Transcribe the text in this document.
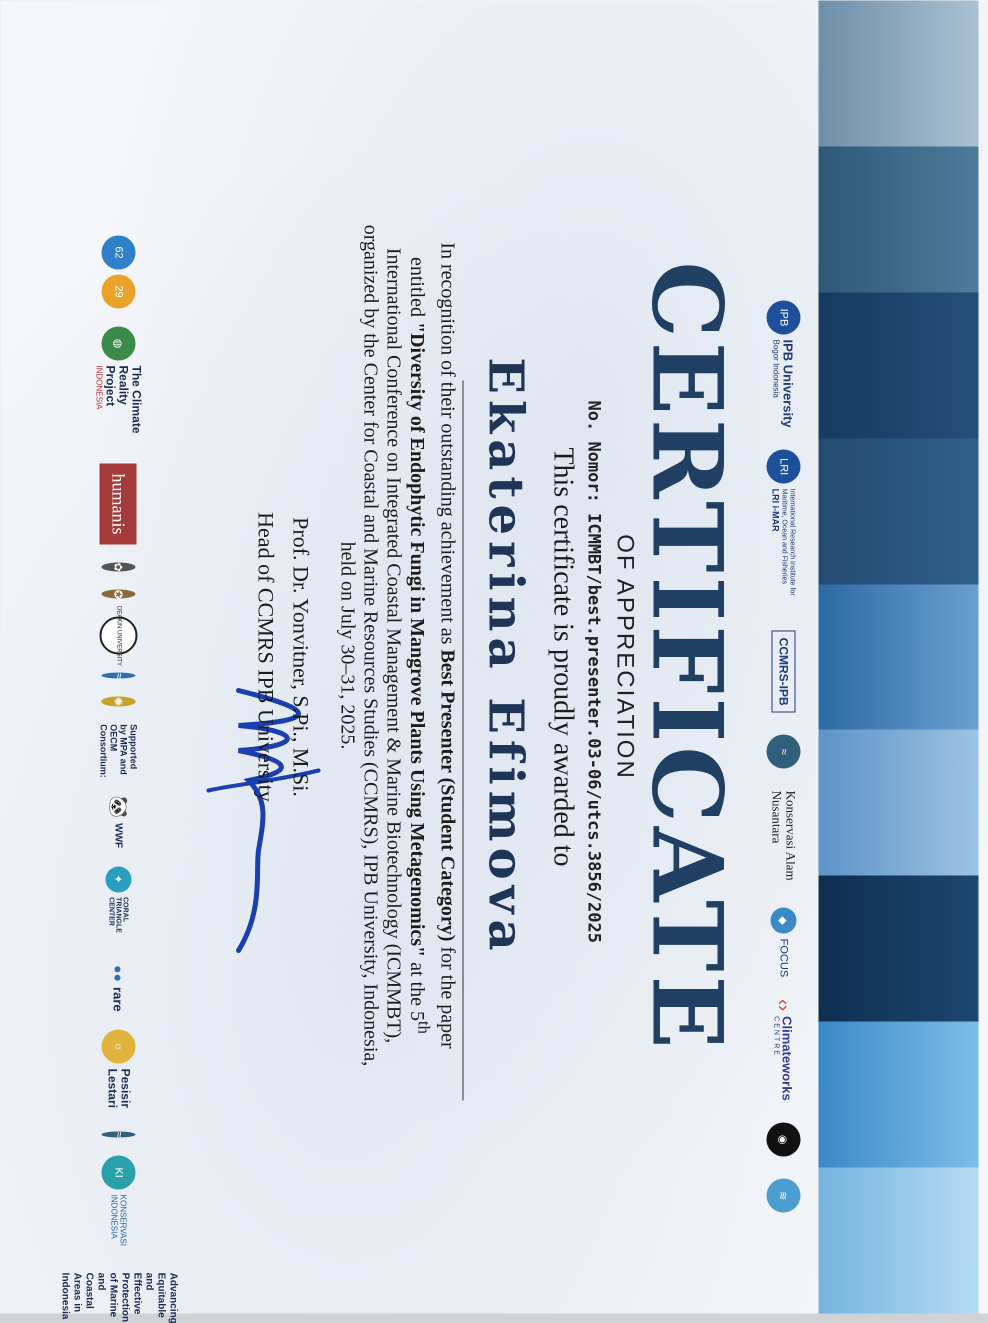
IPB
IPB University
Bogor Indonesia
LRI
International Research Institute for Maritime, Ocean and Fisheries
LRI i-MAR
CCMRS-IPB
≈
Konservasi Alam Nusantara
◆
FOCUS
‹›
Climateworks
CENTRE
◉
≋
CERTIFICATE
OF APPRECIATION
No. Nomor: ICMMBT/best.presenter.03-06/utcs.3856/2025
This certificate is proudly awarded to
Ekaterina Efimova
In recognition of their outstanding achievement as Best Presenter (Student Category) for the paper entitled "Diversity of Endophytic Fungi in Mangrove Plants Using Metagenomics" at the 5th International Conference on Integrated Coastal Management & Marine Biotechnology (ICMMBT), organized by the Center for Coastal and Marine Resources Studies (CCMRS), IPB University, Indonesia, held on July 30–31, 2025.
Prof. Dr. Yonvitner, S.Pi., M.Si.
Head of CCMRS IPB University
62
29
◍
The Climate Reality Project
INDONESIA
humanis
✿
✪
DEAKIN UNIVERSITY
≈
✺
Supported by MPA and OECM Consortium:
🐼
WWF
✦
CORAL TRIANGLE CENTER
●●
rare
☼
Pesisir Lestari
≈
KI
KONSERVASI INDONESIA
Advancing Equitable and Effective Protection of Marine and Coastal Areas in Indonesia
